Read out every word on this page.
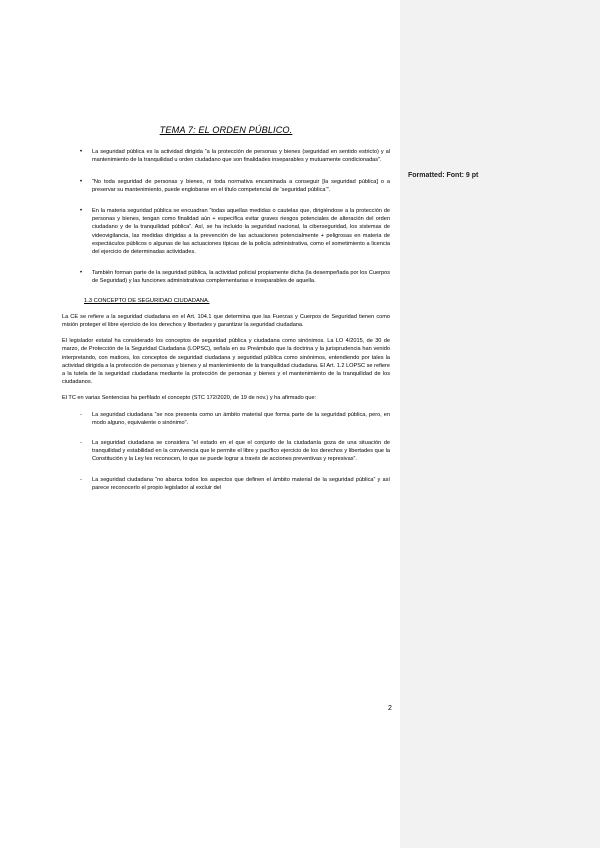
TEMA 7: EL ORDEN PÚBLICO.
• La seguridad pública es la actividad dirigida “a la protección de personas y bienes (seguridad en sentido estricto) y al mantenimiento de la tranquilidad u orden ciudadano que son finalidades inseparables y mutuamente condicionadas”.
• “No toda seguridad de personas y bienes, ni toda normativa encaminada a conseguir [la seguridad pública] o a preservar su mantenimiento, puede englobarse en el título competencial de ‘seguridad pública’”.
• En la materia seguridad pública se encuadran “todas aquellas medidas o cautelas que, dirigiéndose a la protección de personas y bienes, tengan como finalidad aún + específica evitar graves riesgos potenciales de alteración del orden ciudadano y de la tranquilidad pública”. Así, se ha incluido la seguridad nacional, la ciberseguridad, los sistemas de videovigilancia, las medidas dirigidas a la prevención de las actuaciones potencialmente + peligrosas en materia de espectáculos públicos o algunas de las actuaciones típicas de la policía administrativa, como el sometimiento a licencia del ejercicio de determinadas actividades.
• También forman parte de la seguridad pública, la actividad policial propiamente dicha (la desempeñada por los Cuerpos de Seguridad) y las funciones administrativas complementarias e inseparables de aquella.
1.3 CONCEPTO DE SEGURIDAD CIUDADANA.

La CE se refiere a la seguridad ciudadana en el Art. 104.1 que determina que las Fuerzas y Cuerpos de Seguridad tienen como misión proteger el libre ejercicio de los derechos y libertades y garantizar la seguridad ciudadana.

El legislador estatal ha considerado los conceptos de seguridad pública y ciudadana como sinónimos. La LO 4/2015, de 30 de marzo, de Protección de la Seguridad Ciudadana (LOPSC), señala en su Preámbulo que la doctrina y la jurisprudencia han venido interpretando, con matices, los conceptos de seguridad ciudadana y seguridad pública como sinónimos, entendiendo por tales la actividad dirigida a la protección de personas y bienes y al mantenimiento de la tranquilidad ciudadana. El Art. 1.2 LOPSC se refiere a la tutela de la seguridad ciudadana mediante la protección de personas y bienes y el mantenimiento de la tranquilidad de los ciudadanos.

El TC en varias Sentencias ha perfilado el concepto (STC 172/2020, de 19 de nov.) y ha afirmado que:

- La seguridad ciudadana “se nos presenta como un ámbito material que forma parte de la seguridad pública, pero, en modo alguno, equivalente o sinónimo”.
- La seguridad ciudadana se considera “el estado en el que el conjunto de la ciudadanía goza de una situación de tranquilidad y estabilidad en la convivencia que le permite el libre y pacífico ejercicio de los derechos y libertades que la Constitución y la Ley les reconocen, lo que se puede lograr a través de acciones preventivas y represivas”.
- La seguridad ciudadana “no abarca todos los aspectos que definen el ámbito material de la seguridad pública” y así parece reconocerlo el propio legislador al excluir del
2
Formatted: Font: 9 pt
